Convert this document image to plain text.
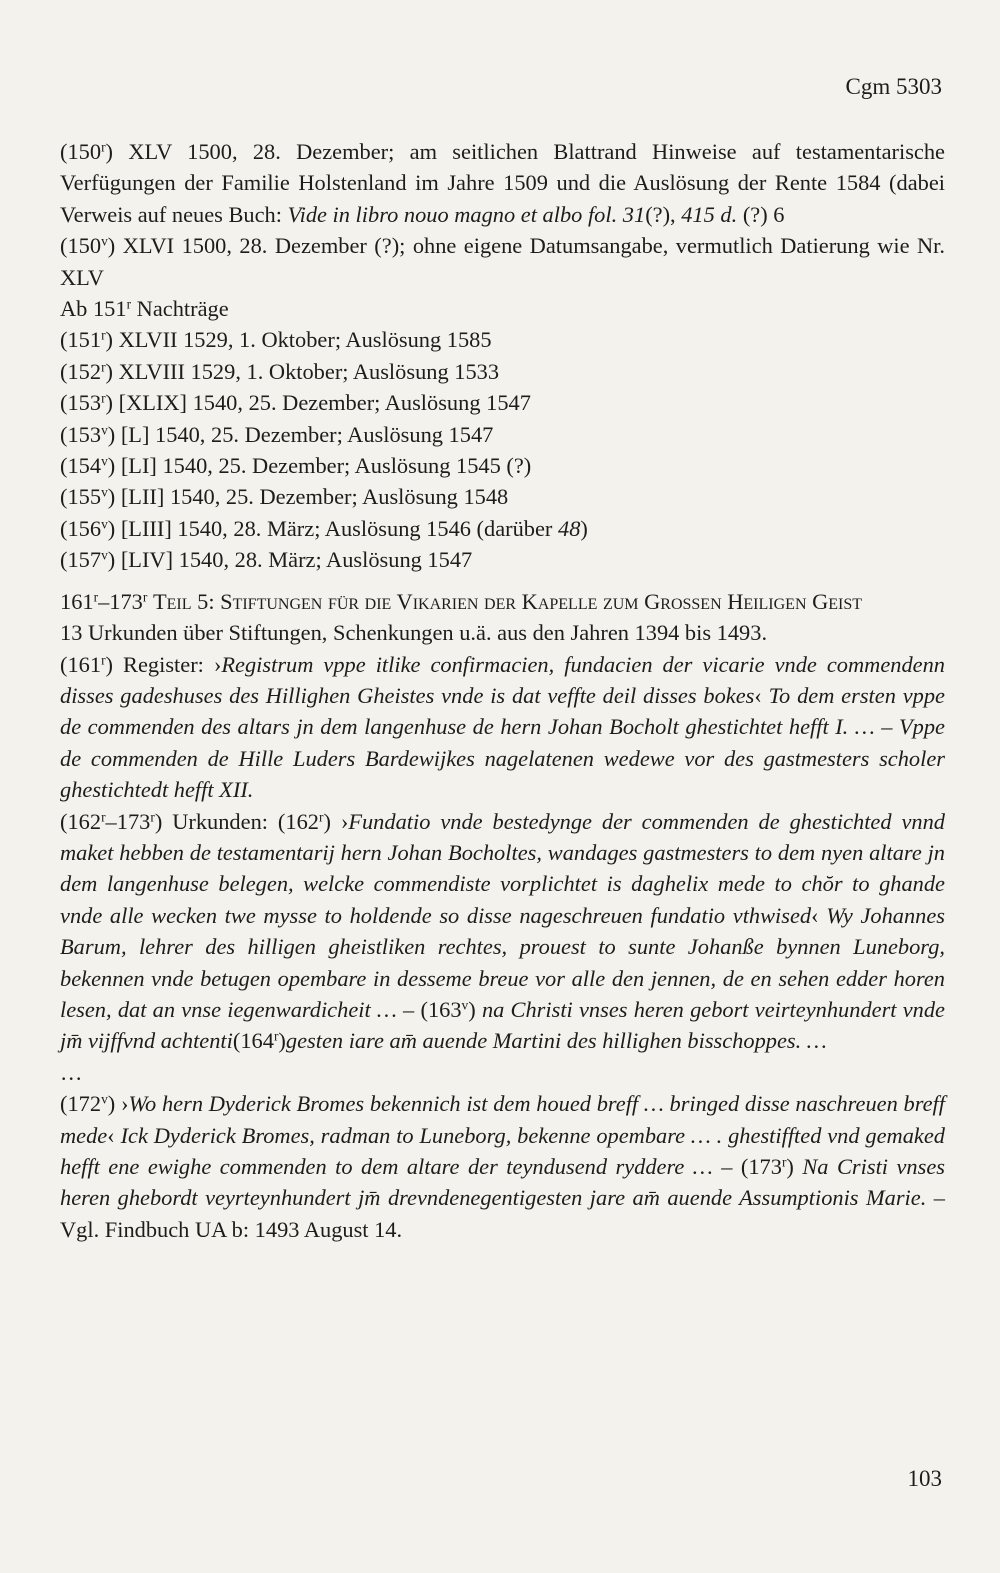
Cgm 5303

(150$^r$) XLV 1500, 28. Dezember; am seitlichen Blattrand Hinweise auf testamentarische Verfügungen der Familie Holstenland im Jahre 1509 und die Auslösung der Rente 1584 (dabei Verweis auf neues Buch: Vide in libro nouo magno et albo fol. 31(?), 415 d. (?) 6

(150$^v$) XLVI 1500, 28. Dezember (?); ohne eigene Datumsangabe, vermutlich Datierung wie Nr. XLV

Ab 151$^r$ Nachträge

(151$^r$) XLVII 1529, 1. Oktober; Auslösung 1585

(152$^r$) XLVIII 1529, 1. Oktober; Auslösung 1533

(153$^r$) [XLIX] 1540, 25. Dezember; Auslösung 1547

(153$^v$) [L] 1540, 25. Dezember; Auslösung 1547

(154$^v$) [LI] 1540, 25. Dezember; Auslösung 1545 (?)

(155$^v$) [LII] 1540, 25. Dezember; Auslösung 1548

(156$^v$) [LIII] 1540, 28. März; Auslösung 1546 (darüber 48)

(157$^v$) [LIV] 1540, 28. März; Auslösung 1547

161$^r$–173$^r$ Teil 5: Stiftungen für die Vikarien der Kapelle zum Grossen Heiligen Geist

13 Urkunden über Stiftungen, Schenkungen u.ä. aus den Jahren 1394 bis 1493.

(161$^r$) Register: ›Registrum vppe itlike confirmacien, fundacien der vicarie vnde commendenn disses gadeshuses des Hillighen Gheistes vnde is dat veffte deil disses bokes‹ To dem ersten vppe de commenden des altars jn dem langenhuse de hern Johan Bocholt ghestichtet hefft I. … – Vppe de commenden de Hille Luders Bardewijkes nagelatenen wedewe vor des gastmesters scholer ghestichtedt hefft XII.

(162$^r$–173$^r$) Urkunden: (162$^r$) ›Fundatio vnde bestedynge der commenden de ghestichted vnnd maket hebben de testamentarij hern Johan Bocholtes, wandages gastmesters to dem nyen altare jn dem langenhuse belegen, welcke commendiste vorplichtet is daghelix mede to chŏr to ghande vnde alle wecken twe mysse to holdende so disse nageschreuen fundatio vthwised‹ Wy Johannes Barum, lehrer des hilligen gheistliken rechtes, prouest to sunte Johanße bynnen Luneborg, bekennen vnde betugen opembare in desseme breue vor alle den jennen, de en sehen edder horen lesen, dat an vnse iegenwardicheit … – (163$^v$) na Christi vnses heren gebort veirteynhundert vnde jm̄ vijffvnd achtenti(164$^r$)gesten iare am̄ auende Martini des hillighen bisschoppes. …

…

(172$^v$) ›Wo hern Dyderick Bromes bekennich ist dem houed breff … bringed disse naschreuen breff mede‹ Ick Dyderick Bromes, radman to Luneborg, bekenne opembare … . ghestiffted vnd gemaked hefft ene ewighe commenden to dem altare der teyndusend ryddere … – (173$^r$) Na Cristi vnses heren ghebordt veyrteynhundert jm̄ drevndenegentigesten jare am̄ auende Assumptionis Marie. – Vgl. Findbuch UA b: 1493 August 14.

103
